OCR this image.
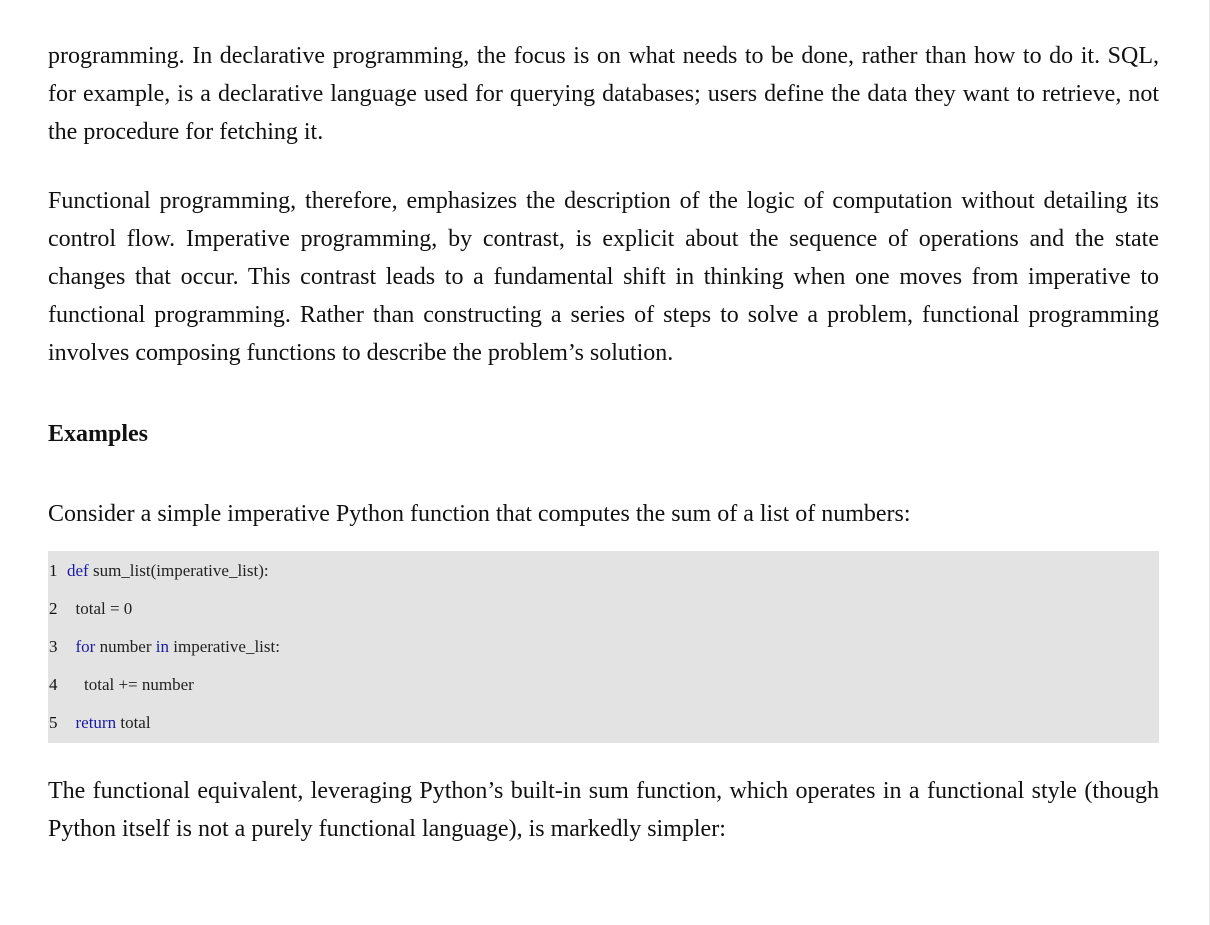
programming. In declarative programming, the focus is on what needs to be done, rather than how to do it. SQL, for example, is a declarative language used for querying databases; users define the data they want to retrieve, not the procedure for fetching it.

Functional programming, therefore, emphasizes the description of the logic of computation without detailing its control flow. Imperative programming, by contrast, is explicit about the sequence of operations and the state changes that occur. This contrast leads to a fundamental shift in thinking when one moves from imperative to functional programming. Rather than constructing a series of steps to solve a problem, functional programming involves composing functions to describe the problem’s solution.

Examples

Consider a simple imperative Python function that computes the sum of a list of numbers:

1 def sum_list(imperative_list):
2 total = 0
3 for number in imperative_list:
4 total += number
5 return total

The functional equivalent, leveraging Python’s built-in sum function, which operates in a functional style (though Python itself is not a purely functional language), is markedly simpler:
